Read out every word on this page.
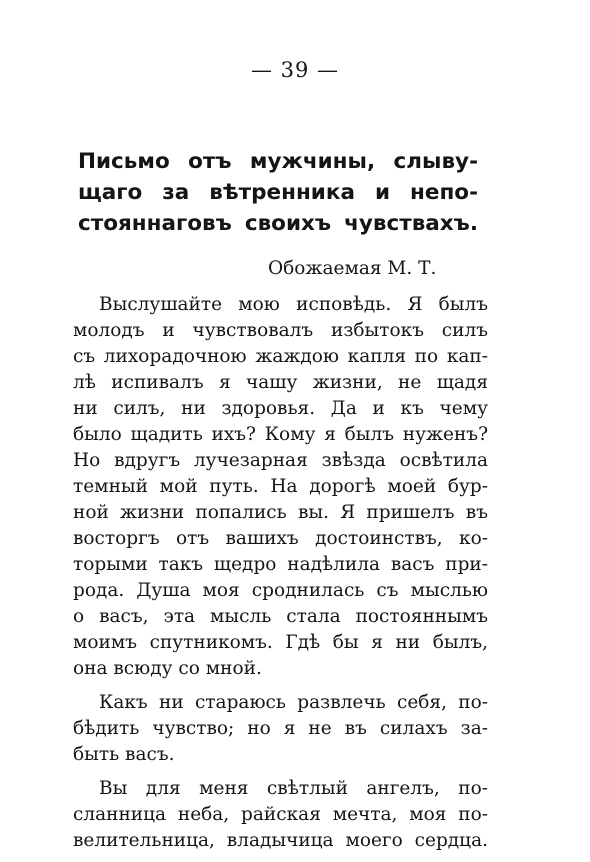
— 39 —
Письмо отъ мужчины, слыву-
щаго за вѣтренника и непо-
стояннаговъ своихъ чувствахъ.
Обожаемая М. Т.
Выслушайте мою исповѣдь. Я былъ
молодъ и чувствовалъ избытокъ силъ
съ лихорадочною жаждою капля по кап-
лѣ испивалъ я чашу жизни, не щадя
ни силъ, ни здоровья. Да и къ чему
было щадить ихъ? Кому я былъ нуженъ?
Но вдругъ лучезарная звѣзда освѣтила
темный мой путь. На дорогѣ моей бур-
ной жизни попались вы. Я пришелъ въ
восторгъ отъ вашихъ достоинствъ, ко-
торыми такъ щедро надѣлила васъ при-
рода. Душа моя сроднилась съ мыслью
о васъ, эта мысль стала постояннымъ
моимъ спутникомъ. Гдѣ бы я ни былъ,
она всюду со мной.
Какъ ни стараюсь развлечь себя, по-
бѣдить чувство; но я не въ силахъ за-
быть васъ.
Вы для меня свѣтлый ангелъ, по-
сланница неба, райская мечта, моя по-
велительница, владычица моего сердца.
